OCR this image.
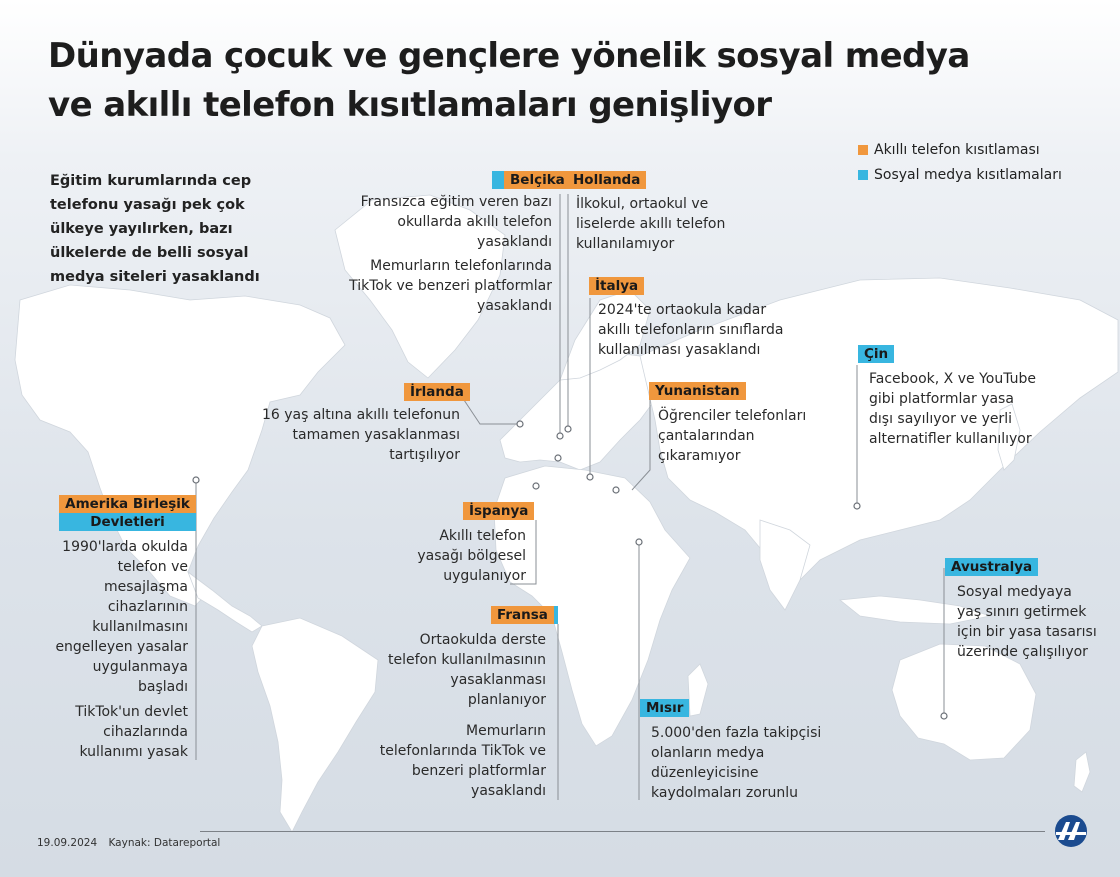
Dünyada çocuk ve gençlere yönelik sosyal medya
ve akıllı telefon kısıtlamaları genişliyor
Akıllı telefon kısıtlaması
Sosyal medya kısıtlamaları
Eğitim kurumlarında cep telefonu yasağı pek çok ülkeye yayılırken, bazı ülkelerde de belli sosyal medya siteleri yasaklandı
Belçika
Fransızca eğitim veren bazı okullarda akıllı telefon yasaklandı
Memurların telefonlarında TikTok ve benzeri platformlar yasaklandı
Hollanda
İlkokul, ortaokul ve liselerde akıllı telefon kullanılamıyor
İtalya
2024'te ortaokula kadar akıllı telefonların sınıflarda kullanılması yasaklandı	Çin
Facebook, X ve YouTube gibi platformlar yasa dışı sayılıyor ve yerli alternatifler kullanılıyor
İrlanda
16 yaş altına akıllı telefonun tamamen yasaklanması tartışılıyor
Yunanistan
Öğrenciler telefonları çantalarından çıkaramıyor
Amerika Birleşik
Devletleri
1990'larda okulda telefon ve mesajlaşma cihazlarının kullanılmasını engelleyen yasalar uygulanmaya başladı
TikTok'un devlet cihazlarında kullanımı yasak
İspanya
Akıllı telefon yasağı bölgesel uygulanıyor
Avustralya
Sosyal medyaya yaş sınırı getirmek için bir yasa tasarısı üzerinde çalışılıyor
Fransa
Ortaokulda derste telefon kullanılmasının yasaklanması planlanıyor
Memurların telefonlarında TikTok ve benzeri platformlar yasaklandı
Mısır
5.000'den fazla takipçisi olanların medya düzenleyicisine kaydolmaları zorunlu
19.09.2024 Kaynak: Datareportal
